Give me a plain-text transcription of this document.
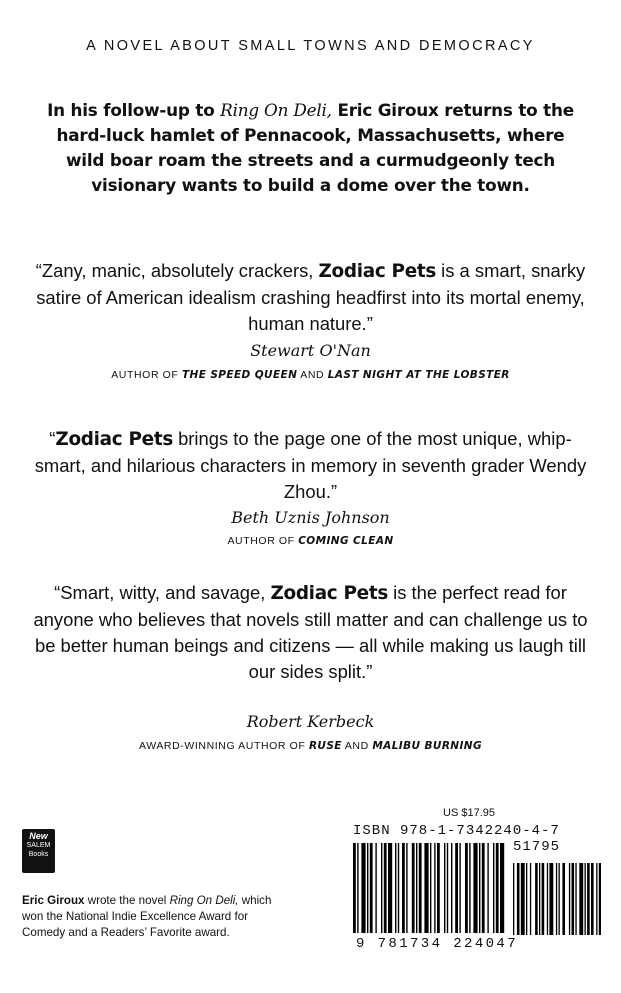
A NOVEL ABOUT SMALL TOWNS AND DEMOCRACY
In his follow-up to Ring On Deli, Eric Giroux returns to the hard-luck hamlet of Pennacook, Massachusetts, where wild boar roam the streets and a curmudgeonly tech visionary wants to build a dome over the town.
“Zany, manic, absolutely crackers, Zodiac Pets is a smart, snarky satire of American idealism crashing headfirst into its mortal enemy, human nature.”
Stewart O'Nan
AUTHOR OF THE SPEED QUEEN AND LAST NIGHT AT THE LOBSTER
“Zodiac Pets brings to the page one of the most unique, whip-smart, and hilarious characters in memory in seventh grader Wendy Zhou.”
Beth Uznis Johnson
AUTHOR OF COMING CLEAN
“Smart, witty, and savage, Zodiac Pets is the perfect read for anyone who believes that novels still matter and can challenge us to be better human beings and citizens — all while making us laugh till our sides split.”
Robert Kerbeck
AWARD-WINNING AUTHOR OF RUSE AND MALIBU BURNING
New
SALEM
Books
Eric Giroux wrote the novel Ring On Deli, which won the National Indie Excellence Award for Comedy and a Readers’ Favorite award.
US $17.95
ISBN 978-1-7342240-4-7
51795
9 781734 224047
